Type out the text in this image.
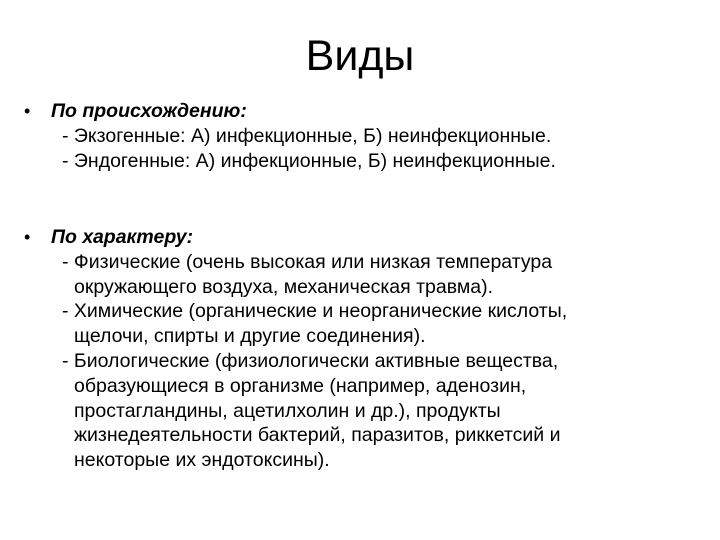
Виды
•	По происхождению:
- Экзогенные: А) инфекционные, Б) неинфекционные.
- Эндогенные: А) инфекционные, Б) неинфекционные.
•	По характеру:
- Физические (очень высокая или низкая температура
окружающего воздуха, механическая травма).
- Химические (органические и неорганические кислоты,
щелочи, спирты и другие соединения).
- Биологические (физиологически активные вещества,
образующиеся в организме (например, аденозин,
простагландины, ацетилхолин и др.), продукты
жизнедеятельности бактерий, паразитов, риккетсий и
некоторые их эндотоксины).
